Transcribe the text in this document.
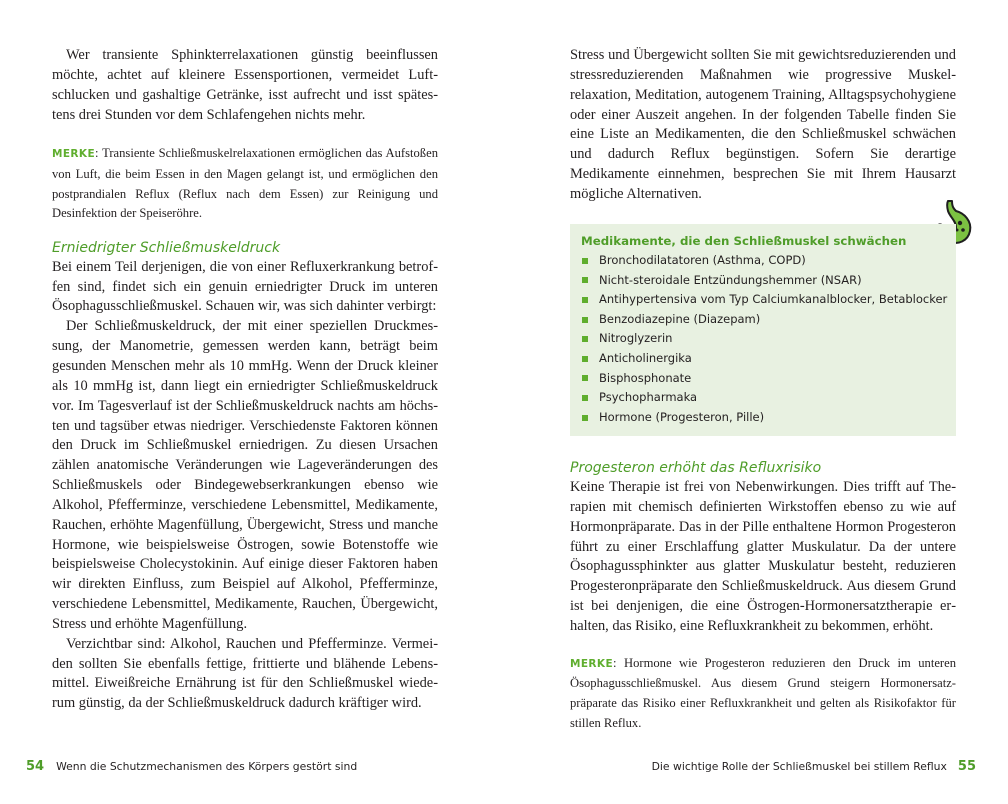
Wer transiente Sphinkterrelaxationen günstig beeinflussen möchte, achtet auf kleinere Essensportionen, vermeidet Luftschlucken und gashaltige Getränke, isst aufrecht und isst spätestens drei Stunden vor dem Schlafengehen nichts mehr.

MERKE: Transiente Schließmuskelrelaxationen ermöglichen das Aufstoßen von Luft, die beim Essen in den Magen gelangt ist, und ermöglichen den postprandialen Reflux (Reflux nach dem Essen) zur Reinigung und Desinfektion der Speiseröhre.

Erniedrigter Schließmuskeldruck

Bei einem Teil derjenigen, die von einer Refluxerkrankung betroffen sind, findet sich ein genuin erniedrigter Druck im unteren Ösophagusschließmuskel. Schauen wir, was sich dahinter verbirgt:

Der Schließmuskeldruck, der mit einer speziellen Druckmessung, der Manometrie, gemessen werden kann, beträgt beim gesunden Menschen mehr als 10 mmHg. Wenn der Druck kleiner als 10 mmHg ist, dann liegt ein erniedrigter Schließmuskeldruck vor. Im Tagesverlauf ist der Schließmuskeldruck nachts am höchsten und tagsüber etwas niedriger. Verschiedenste Faktoren können den Druck im Schließmuskel erniedrigen. Zu diesen Ursachen zählen anatomische Veränderungen wie Lageveränderungen des Schließmuskels oder Bindegewebserkrankungen ebenso wie Alkohol, Pfefferminze, verschiedene Lebensmittel, Medikamente, Rauchen, erhöhte Magenfüllung, Übergewicht, Stress und manche Hormone, wie beispielsweise Östrogen, sowie Botenstoffe wie beispielsweise Cholecystokinin. Auf einige dieser Faktoren haben wir direkten Einfluss, zum Beispiel auf Alkohol, Pfefferminze, verschiedene Lebensmittel, Medikamente, Rauchen, Übergewicht, Stress und erhöhte Magenfüllung.

Verzichtbar sind: Alkohol, Rauchen und Pfefferminze. Vermeiden sollten Sie ebenfalls fettige, frittierte und blähende Lebensmittel. Eiweißreiche Ernährung ist für den Schließmuskel wiederum günstig, da der Schließmuskeldruck dadurch kräftiger wird.

Stress und Übergewicht sollten Sie mit gewichtsreduzierenden und stressreduzierenden Maßnahmen wie progressive Muskelrelaxation, Meditation, autogenem Training, Alltagspsychohygiene oder einer Auszeit angehen. In der folgenden Tabelle finden Sie eine Liste an Medikamenten, die den Schließmuskel schwächen und dadurch Reflux begünstigen. Sofern Sie derartige Medikamente einnehmen, besprechen Sie mit Ihrem Hausarzt mögliche Alternativen.

Medikamente, die den Schließmuskel schwächen

Bronchodilatatoren (Asthma, COPD)
Nicht-steroidale Entzündungshemmer (NSAR)
Antihypertensiva vom Typ Calciumkanalblocker, Betablocker
Benzodiazepine (Diazepam)
Nitroglyzerin
Anticholinergika
Bisphosphonate
Psychopharmaka
Hormone (Progesteron, Pille)

Progesteron erhöht das Refluxrisiko

Keine Therapie ist frei von Nebenwirkungen. Dies trifft auf Therapien mit chemisch definierten Wirkstoffen ebenso zu wie auf Hormonpräparate. Das in der Pille enthaltene Hormon Progesteron führt zu einer Erschlaffung glatter Muskulatur. Da der untere Ösophagussphinkter aus glatter Muskulatur besteht, reduzieren Progesteronpräparate den Schließmuskeldruck. Aus diesem Grund ist bei denjenigen, die eine Östrogen-Hormonersatztherapie erhalten, das Risiko, eine Refluxkrankheit zu bekommen, erhöht.

MERKE: Hormone wie Progesteron reduzieren den Druck im unteren Ösophagusschließmuskel. Aus diesem Grund steigern Hormonersatzpräparate das Risiko einer Refluxkrankheit und gelten als Risikofaktor für stillen Reflux.

54 Wenn die Schutzmechanismen des Körpers gestört sind	Die wichtige Rolle der Schließmuskel bei stillem Reflux 55
